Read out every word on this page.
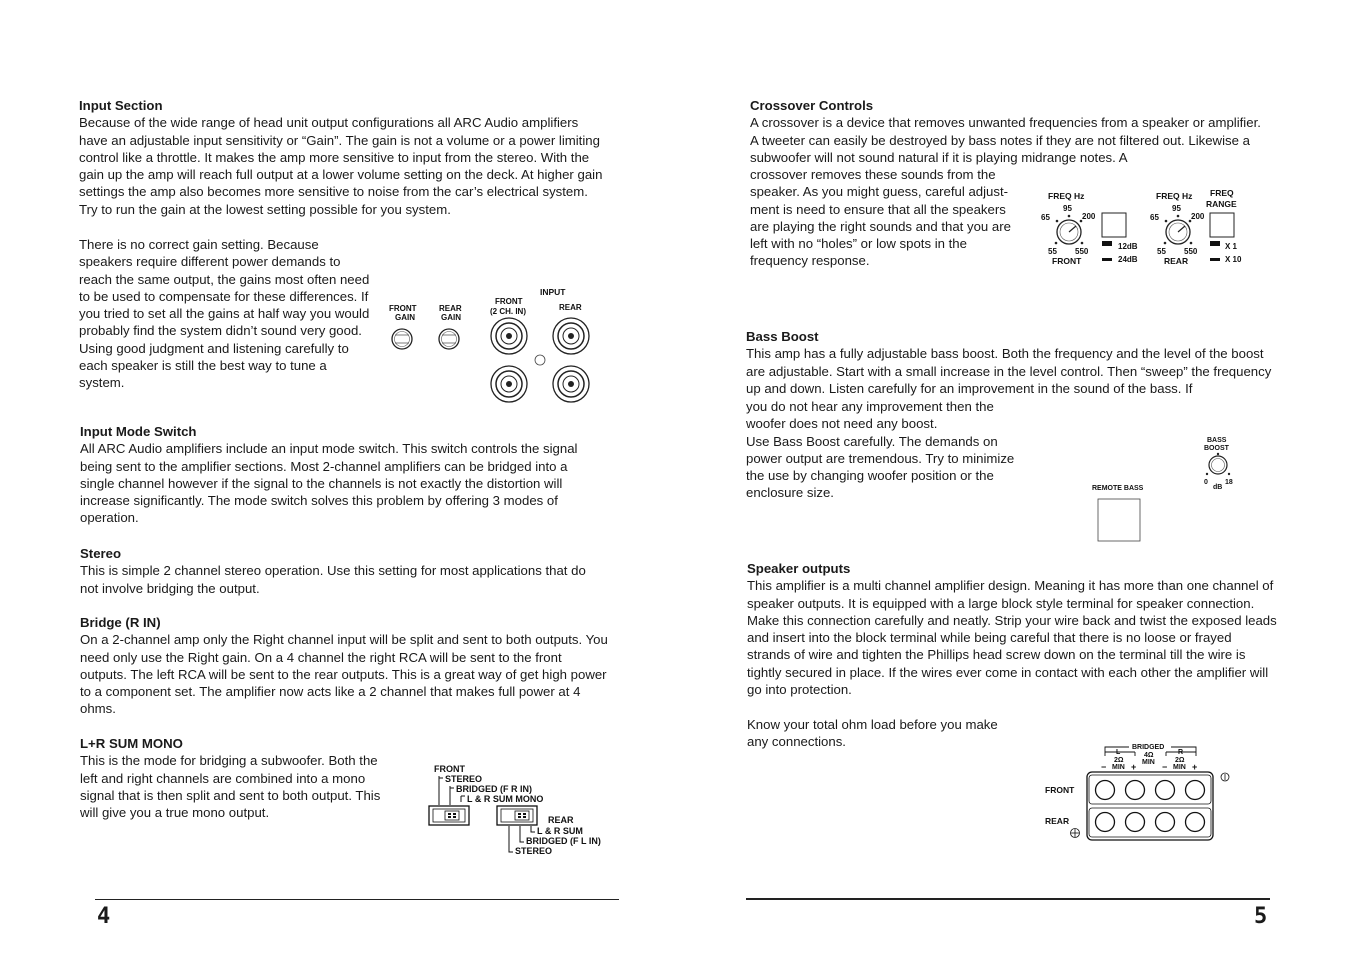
Input Section
Because of the wide range of head unit output configurations all ARC Audio amplifiers have an adjustable input sensitivity or “Gain”. The gain is not a volume or a power limiting control like a throttle. It makes the amp more sensitive to input from the stereo. With the gain up the amp will reach full output at a lower volume setting on the deck. At higher gain settings the amp also becomes more sensitive to noise from the car’s electrical system. Try to run the gain at the lowest setting possible for you system.
There is no correct gain setting. Because speakers require different power demands to reach the same output, the gains most often need to be used to compensate for these differences. If you tried to set all the gains at half way you would probably find the system didn’t sound very good. Using good judgment and listening carefully to each speaker is still the best way to tune a system.
INPUT
FRONT
GAIN
REAR
GAIN
FRONT
(2 CH. IN)	REAR
Input Mode Switch
All ARC Audio amplifiers include an input mode switch. This switch controls the signal being sent to the amplifier sections. Most 2-channel amplifiers can be bridged into a single channel however if the signal to the channels is not exactly the distortion will increase significantly. The mode switch solves this problem by offering 3 modes of operation.
Stereo
This is simple 2 channel stereo operation. Use this setting for most applications that do not involve bridging the output.
Bridge (R IN)
On a 2-channel amp only the Right channel input will be split and sent to both outputs. You need only use the Right gain. On a 4 channel the right RCA will be sent to the front outputs. The left RCA will be sent to the rear outputs. This is a great way of get high power to a component set. The amplifier now acts like a 2 channel that makes full power at 4 ohms.
L+R SUM MONO
This is the mode for bridging a subwoofer. Both the left and right channels are combined into a mono signal that is then split and sent to both output. This will give you a true mono output.
FRONT
STEREO
BRIDGED (F R IN)
L & R SUM MONO
REAR
L & R SUM
BRIDGED (F L IN)
STEREO
4
Crossover Controls
A crossover is a device that removes unwanted frequencies from a speaker or amplifier. A tweeter can easily be destroyed by bass notes if they are not filtered out. Likewise a subwoofer will not sound natural if it is playing midrange notes. A
crossover removes these sounds from the speaker. As you might guess, careful adjust-ment is need to ensure that all the speakers are playing the right sounds and that you are left with no “holes” or low spots in the frequency response.
FREQ Hz
95
65	200
55 550
FRONT
12dB
24dB
FREQ Hz FREQ
RANGE
95
65	200
55 550
REAR
X 1
X 10
Bass Boost
This amp has a fully adjustable bass boost. Both the frequency and the level of the boost are adjustable. Start with a small increase in the level control. Then “sweep” the frequency up and down. Listen carefully for an improvement in the sound of the bass. If
you do not hear any improvement then the woofer does not need any boost.
Use Bass Boost carefully. The demands on power output are tremendous. Try to minimize the use by changing woofer position or the enclosure size.
BASS
BOOST
0 18
dB
REMOTE BASS
Speaker outputs
This amplifier is a multi channel amplifier design. Meaning it has more than one channel of speaker outputs. It is equipped with a large block style terminal for speaker connection. Make this connection carefully and neatly. Strip your wire back and twist the exposed leads and insert into the block terminal while being careful that there is no loose or frayed strands of wire and tighten the Phillips head screw down on the terminal till the wire is tightly secured in place. If the wires ever come in contact with each other the amplifier will go into protection.
Know your total ohm load before you make any connections.	BRIDGED
4Ω
MIN
L	R
2Ω	2Ω
MIN	MIN
−	+	−	+
FRONT
REAR
5
